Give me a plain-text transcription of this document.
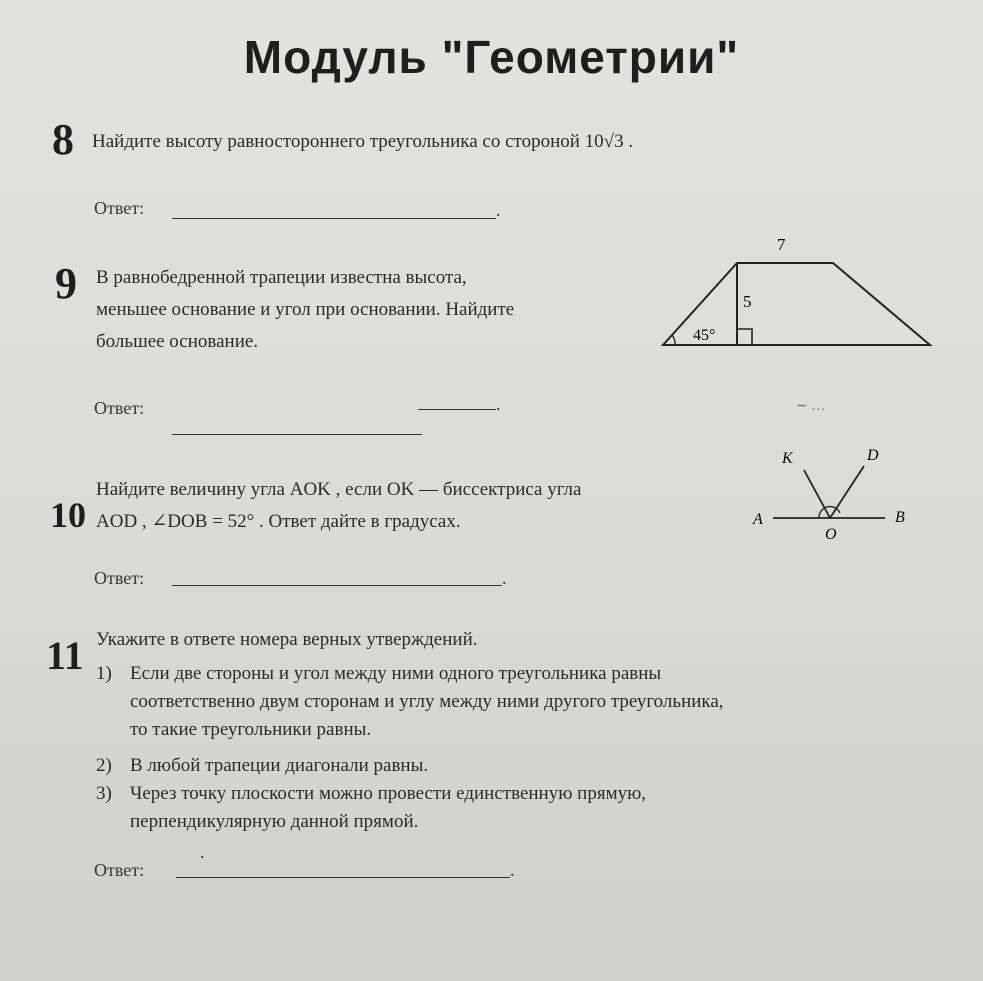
Модуль "Геометрии"
8 Найдите высоту равностороннего треугольника со стороной 10√3 .
Ответ:	.
9 В равнобедренной трапеции известна высота,
меньшее основание и угол при основании. Найдите
большее основание.
7
5
45°
Ответ:	.	∼ …
10
Найдите величину угла AOK , если OK — биссектриса угла
AOD , ∠DOB = 52° . Ответ дайте в градусах.
K	D
A
O
B
Ответ:	.
11 Укажите в ответе номера верных утверждений.
1) Если две стороны и угол между ними одного треугольника равны
соответственно двум сторонам и углу между ними другого треугольника,
то такие треугольники равны.
2) В любой трапеции диагонали равны.
3) Через точку плоскости можно провести единственную прямую,
перпендикулярную данной прямой.
Ответ:	.
.
